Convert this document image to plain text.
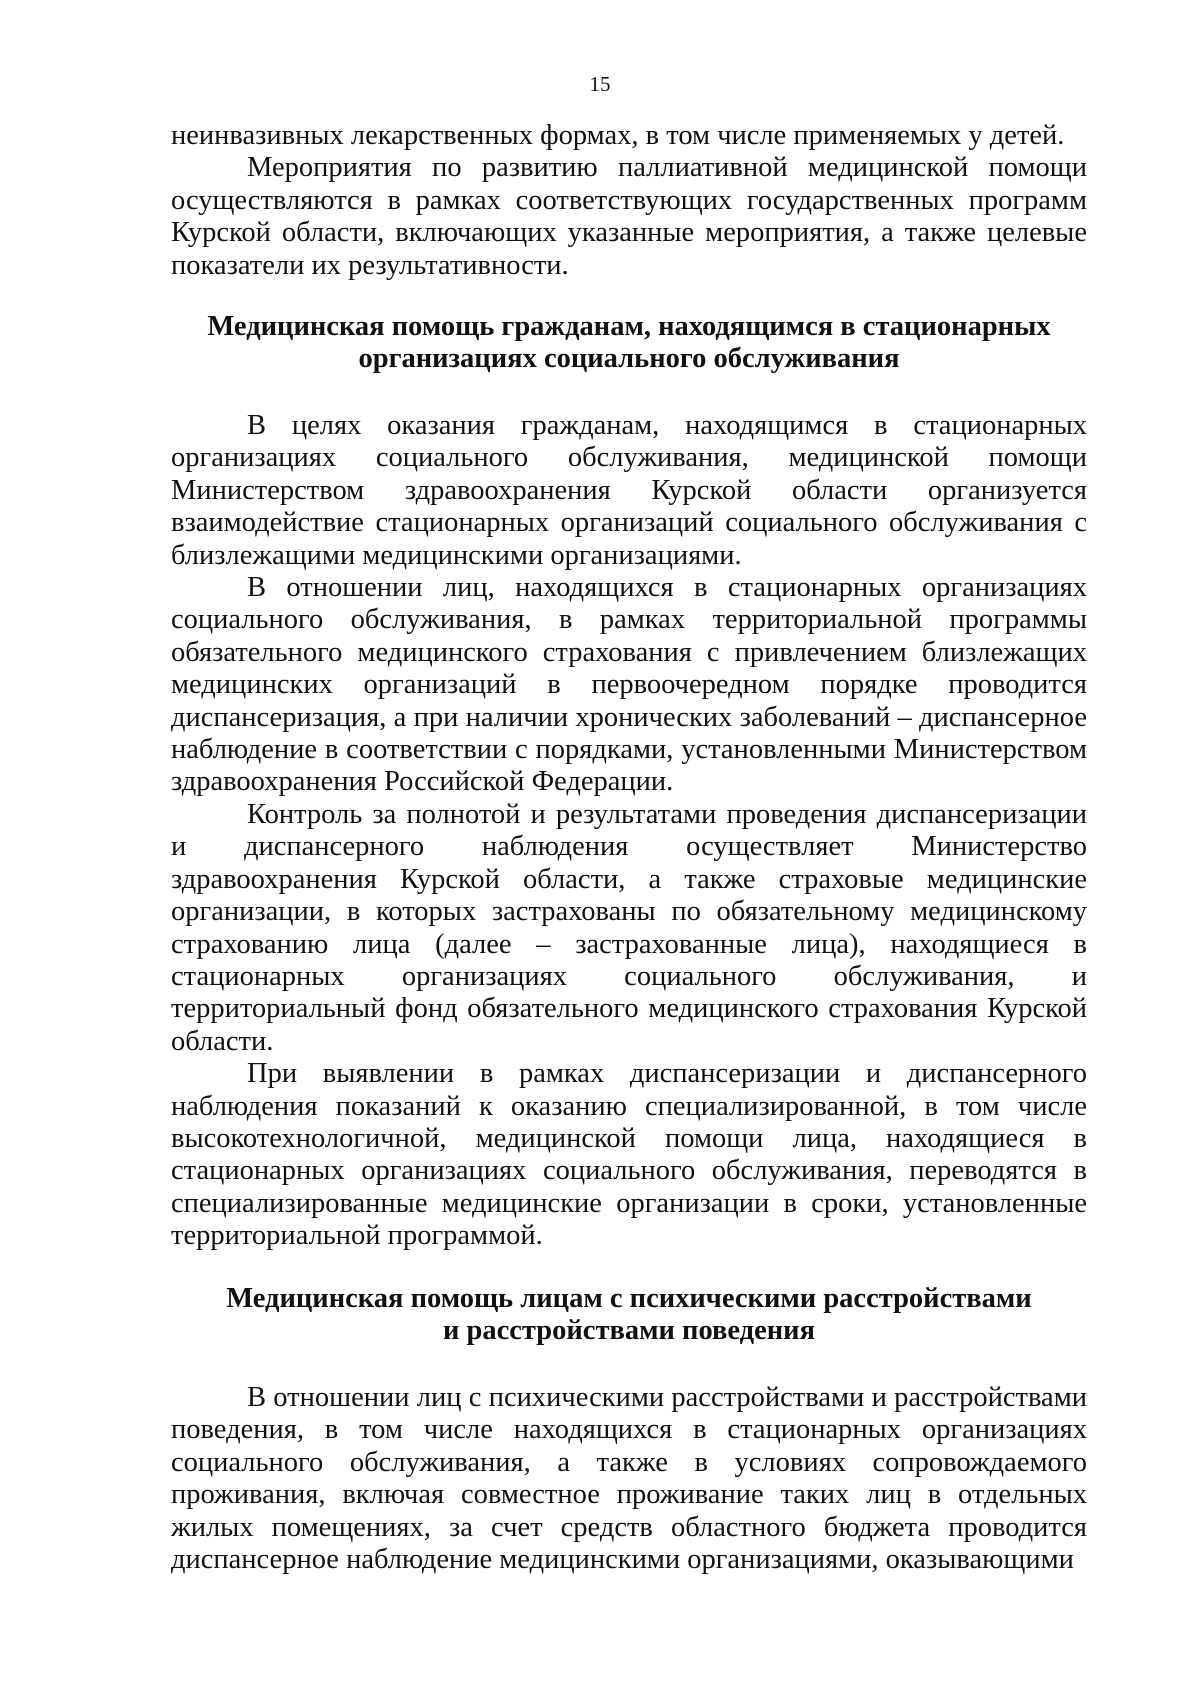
15

неинвазивных лекарственных формах, в том числе применяемых у детей.

Мероприятия по развитию паллиативной медицинской помощи осуществляются в рамках соответствующих государственных программ Курской области, включающих указанные мероприятия, а также целевые показатели их результативности.

Медицинская помощь гражданам, находящимся в стационарных
организациях социального обслуживания

В целях оказания гражданам, находящимся в стационарных организациях социального обслуживания, медицинской помощи Министерством здравоохранения Курской области организуется взаимодействие стационарных организаций социального обслуживания с близлежащими медицинскими организациями.

В отношении лиц, находящихся в стационарных организациях социального обслуживания, в рамках территориальной программы обязательного медицинского страхования с привлечением близлежащих медицинских организаций в первоочередном порядке проводится диспансеризация, а при наличии хронических заболеваний – диспансерное наблюдение в соответствии с порядками, установленными Министерством здравоохранения Российской Федерации.

Контроль за полнотой и результатами проведения диспансеризации и диспансерного наблюдения осуществляет Министерство здравоохранения Курской области, а также страховые медицинские организации, в которых застрахованы по обязательному медицинскому страхованию лица (далее – застрахованные лица), находящиеся в стационарных организациях социального обслуживания, и территориальный фонд обязательного медицинского страхования Курской области.

При выявлении в рамках диспансеризации и диспансерного наблюдения показаний к оказанию специализированной, в том числе высокотехнологичной, медицинской помощи лица, находящиеся в стационарных организациях социального обслуживания, переводятся в специализированные медицинские организации в сроки, установленные территориальной программой.

Медицинская помощь лицам с психическими расстройствами
и расстройствами поведения

В отношении лиц с психическими расстройствами и расстройствами поведения, в том числе находящихся в стационарных организациях социального обслуживания, а также в условиях сопровождаемого проживания, включая совместное проживание таких лиц в отдельных жилых помещениях, за счет средств областного бюджета проводится диспансерное наблюдение медицинскими организациями, оказывающими
